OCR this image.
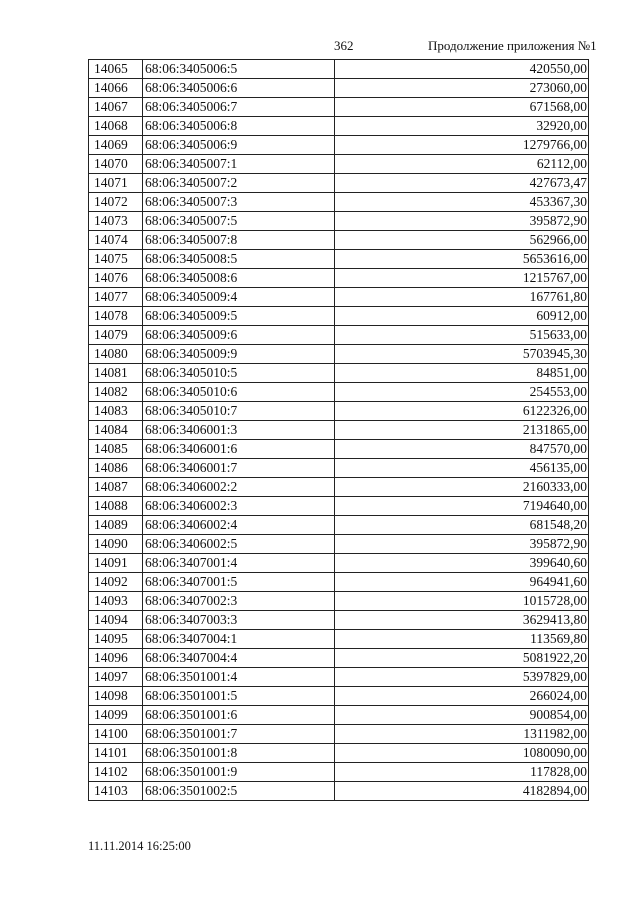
362	Продолжение приложения №1
14065	68:06:3405006:5	420550,00
14066	68:06:3405006:6	273060,00
14067	68:06:3405006:7	671568,00
14068	68:06:3405006:8	32920,00
14069	68:06:3405006:9	1279766,00
14070	68:06:3405007:1	62112,00
14071	68:06:3405007:2	427673,47
14072	68:06:3405007:3	453367,30
14073	68:06:3405007:5	395872,90
14074	68:06:3405007:8	562966,00
14075	68:06:3405008:5	5653616,00
14076	68:06:3405008:6	1215767,00
14077	68:06:3405009:4	167761,80
14078	68:06:3405009:5	60912,00
14079	68:06:3405009:6	515633,00
14080	68:06:3405009:9	5703945,30
14081	68:06:3405010:5	84851,00
14082	68:06:3405010:6	254553,00
14083	68:06:3405010:7	6122326,00
14084	68:06:3406001:3	2131865,00
14085	68:06:3406001:6	847570,00
14086	68:06:3406001:7	456135,00
14087	68:06:3406002:2	2160333,00
14088	68:06:3406002:3	7194640,00
14089	68:06:3406002:4	681548,20
14090	68:06:3406002:5	395872,90
14091	68:06:3407001:4	399640,60
14092	68:06:3407001:5	964941,60
14093	68:06:3407002:3	1015728,00
14094	68:06:3407003:3	3629413,80
14095	68:06:3407004:1	113569,80
14096	68:06:3407004:4	5081922,20
14097	68:06:3501001:4	5397829,00
14098	68:06:3501001:5	266024,00
14099	68:06:3501001:6	900854,00
14100	68:06:3501001:7	1311982,00
14101	68:06:3501001:8	1080090,00
14102	68:06:3501001:9	117828,00
14103	68:06:3501002:5	4182894,00
11.11.2014 16:25:00
